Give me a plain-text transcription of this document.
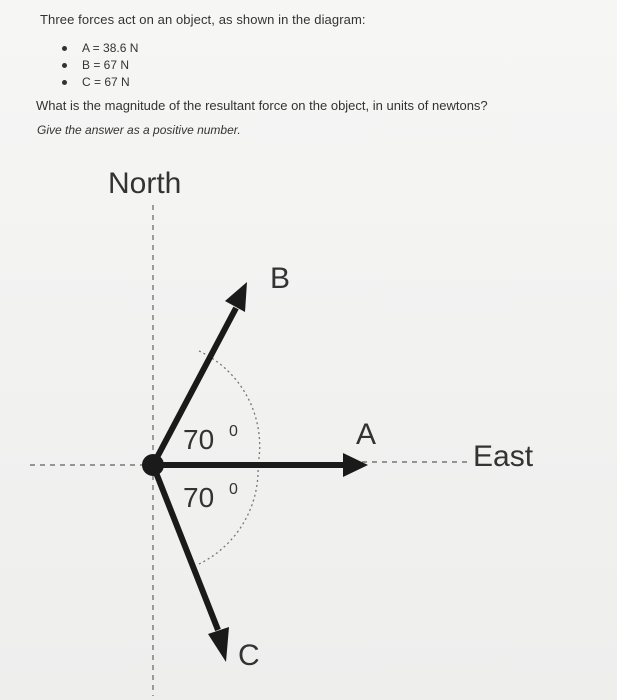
Three forces act on an object, as shown in the diagram:
A = 38.6 N
B = 67 N
C = 67 N
What is the magnitude of the resultant force on the object, in units of newtons?
Give the answer as a positive number.
North
East
B
A
C
70 0
70 0
